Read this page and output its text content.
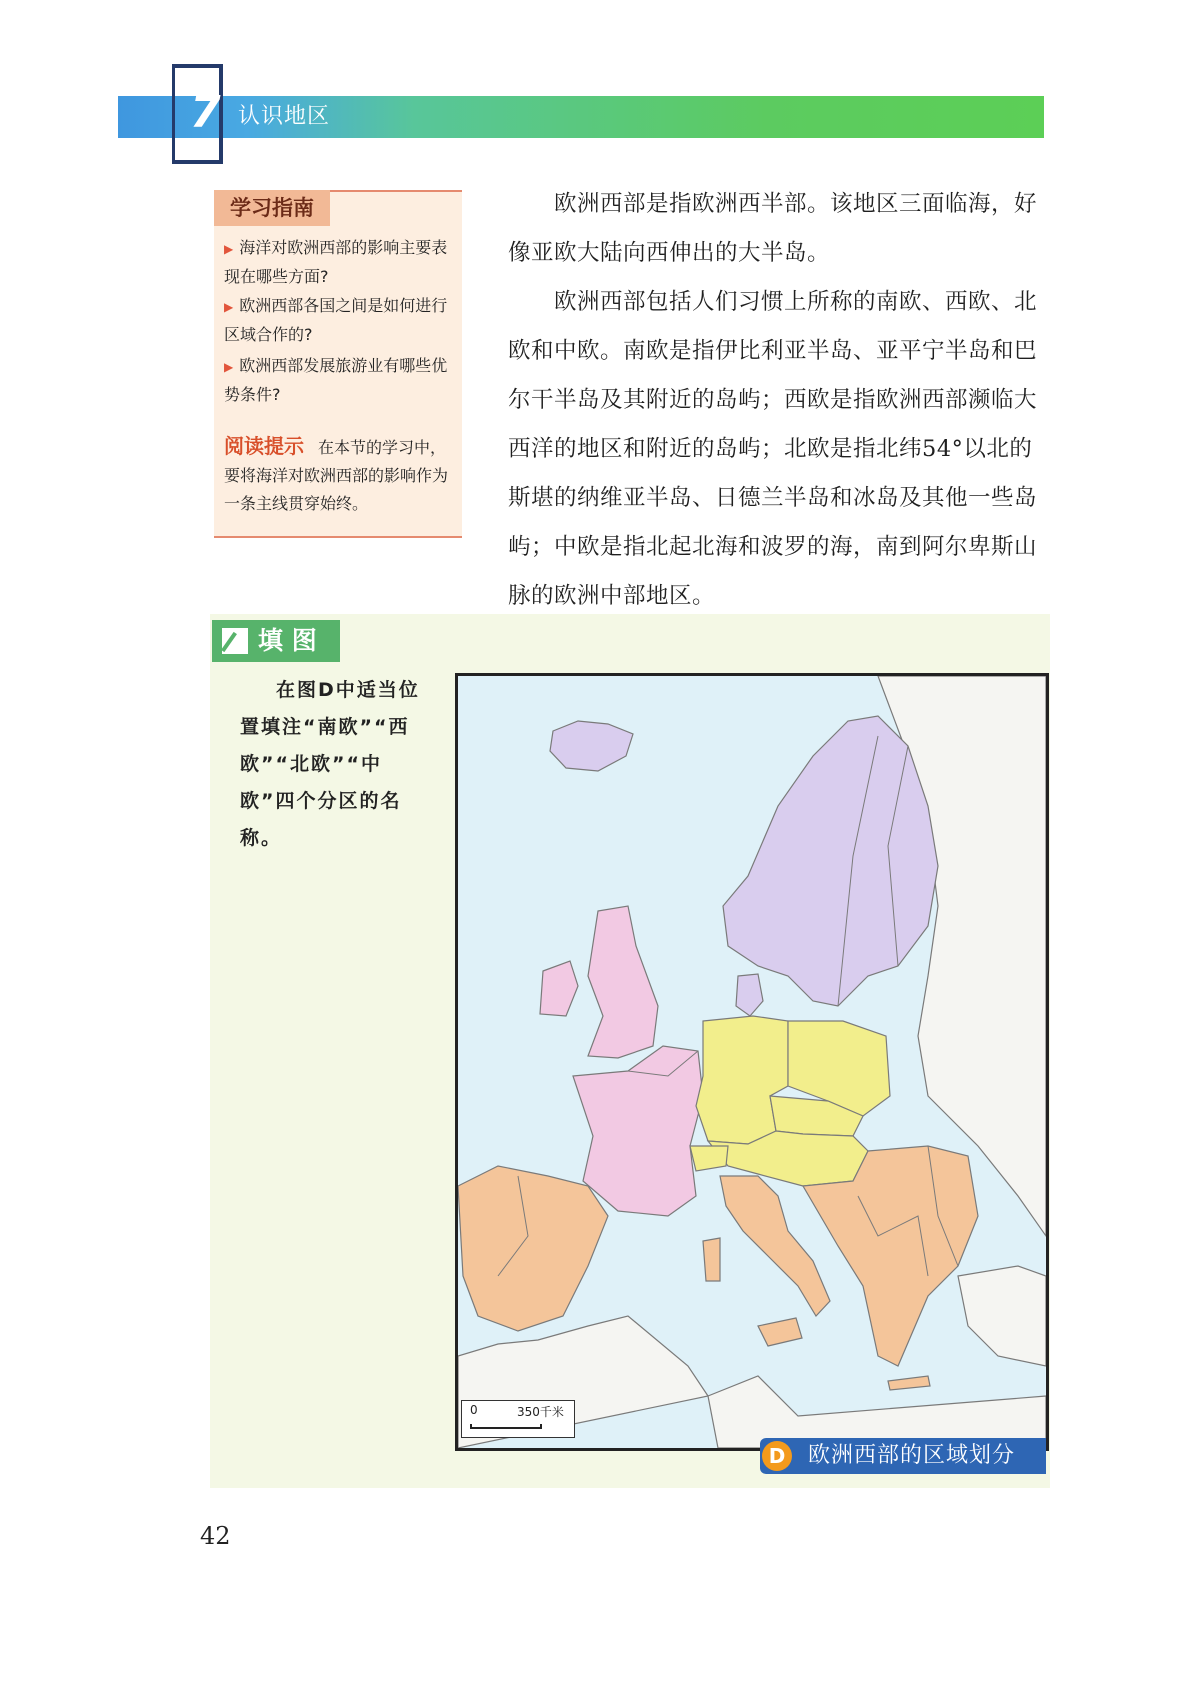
7 认识地区
学习指南
▶ 海洋对欧洲西部的影响主要表现在哪些方面?
▶ 欧洲西部各国之间是如何进行区域合作的?
▶ 欧洲西部发展旅游业有哪些优势条件?
阅读提示 在本节的学习中，要将海洋对欧洲西部的影响作为一条主线贯穿始终。
欧洲西部是指欧洲西半部。该地区三面临海，好像亚欧大陆向西伸出的大半岛。
欧洲西部包括人们习惯上所称的南欧、西欧、北欧和中欧。南欧是指伊比利亚半岛、亚平宁半岛和巴尔干半岛及其附近的岛屿；西欧是指欧洲西部濒临大西洋的地区和附近的岛屿；北欧是指北纬54°以北的斯堪的纳维亚半岛、日德兰半岛和冰岛及其他一些岛屿；中欧是指北起北海和波罗的海，南到阿尔卑斯山脉的欧洲中部地区。
填 图
在图D中适当位置填注“南欧”“西欧”“北欧”“中欧”四个分区的名称。
0	350千米
D	欧洲西部的区域划分
42
